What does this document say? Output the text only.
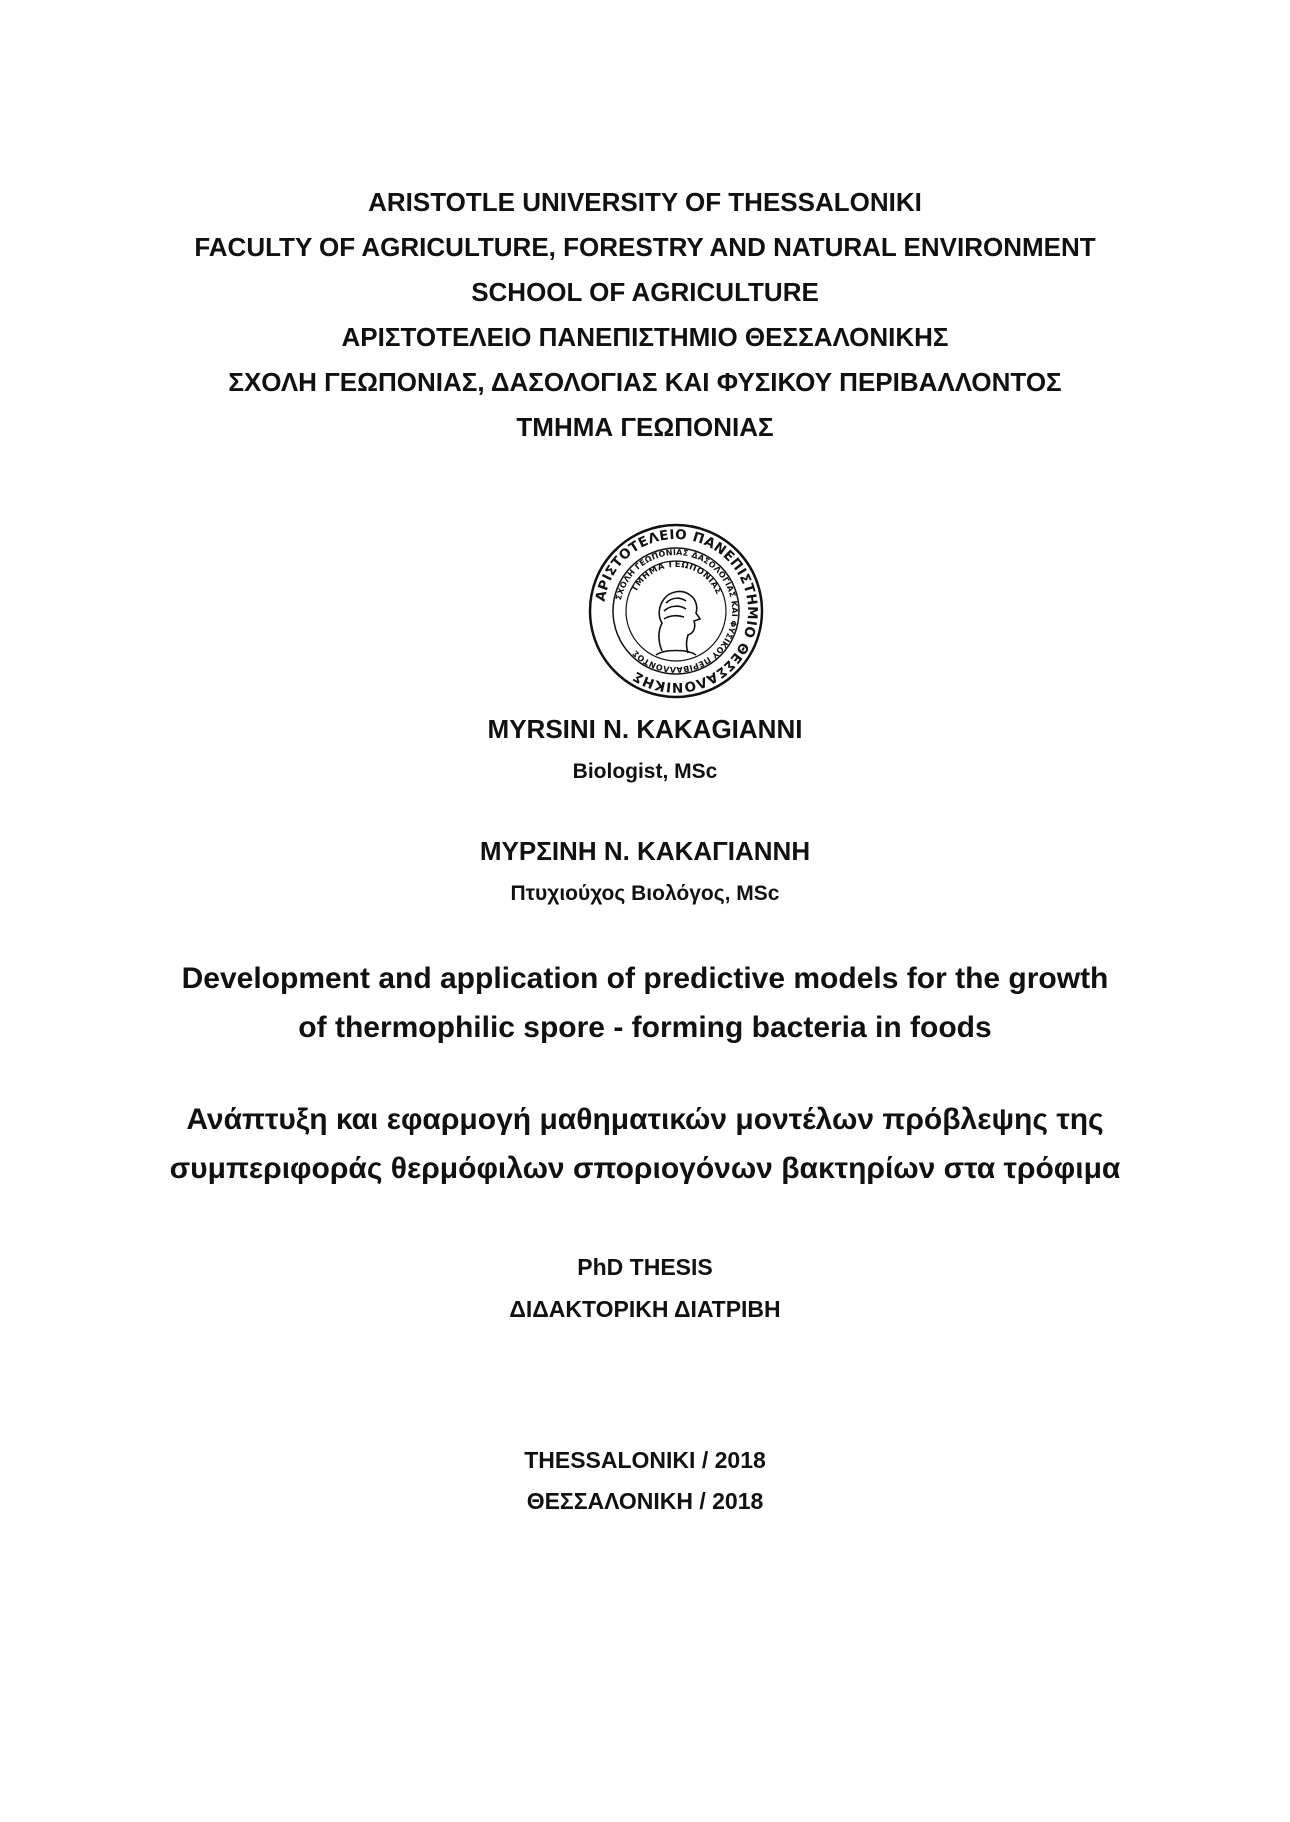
ARISTOTLE UNIVERSITY OF THESSALONIKI
FACULTY OF AGRICULTURE, FORESTRY AND NATURAL ENVIRONMENT
SCHOOL OF AGRICULTURE
ΑΡΙΣΤΟΤΕΛΕΙΟ ΠΑΝΕΠΙΣΤΗΜΙΟ ΘΕΣΣΑΛΟΝΙΚΗΣ
ΣΧΟΛΗ ΓΕΩΠΟΝΙΑΣ, ΔΑΣΟΛΟΓΙΑΣ ΚΑΙ ΦΥΣΙΚΟΥ ΠΕΡΙΒΑΛΛΟΝΤΟΣ
ΤΜΗΜΑ ΓΕΩΠΟΝΙΑΣ
ΑΡΙΣΤΟΤΕΛΕΙΟ ΠΑΝΕΠΙΣΤΗΜΙΟ ΘΕΣΣΑΛΟΝΙΚΗΣ
ΣΧΟΛΗ ΓΕΩΠΟΝΙΑΣ ΔΑΣΟΛΟΓΙΑΣ ΚΑΙ ΦΥΣΙΚΟΥ ΠΕΡΙΒΑΛΛΟΝΤΟΣ
ΤΜΗΜΑ ΓΕΩΠΟΝΙΑΣ
MYRSINI N. KAKAGIANNI
Biologist, MSc
ΜΥΡΣΙΝΗ Ν. ΚΑΚΑΓΙΑΝΝΗ
Πτυχιούχος Βιολόγος, MSc
Development and application of predictive models for the growth
of thermophilic spore - forming bacteria in foods
Ανάπτυξη και εφαρμογή μαθηματικών μοντέλων πρόβλεψης της
συμπεριφοράς θερμόφιλων σποριογόνων βακτηρίων στα τρόφιμα
PhD THESIS
ΔΙΔΑΚΤΟΡΙΚΗ ΔΙΑΤΡΙΒΗ
THESSALONIKI / 2018
ΘΕΣΣΑΛΟΝΙΚΗ / 2018
